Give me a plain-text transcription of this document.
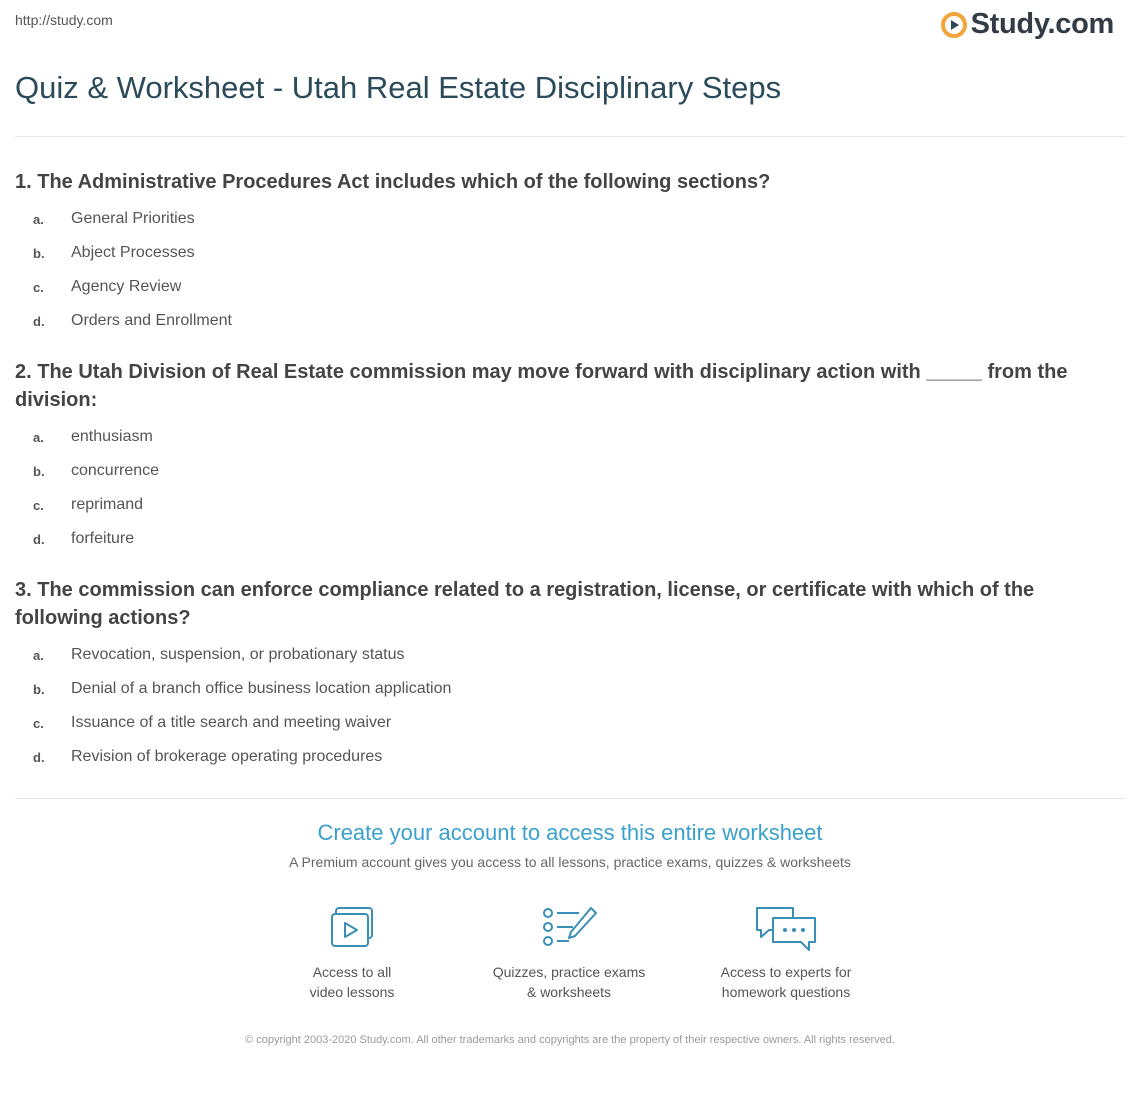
http://study.com	Study.com
Quiz & Worksheet - Utah Real Estate Disciplinary Steps

1. The Administrative Procedures Act includes which of the following sections?

a.	General Priorities
b.	Abject Processes
c.	Agency Review
d.	Orders and Enrollment

2. The Utah Division of Real Estate commission may move forward with disciplinary action with _____ from the division:

a.	enthusiasm
b.	concurrence
c.	reprimand
d.	forfeiture

3. The commission can enforce compliance related to a registration, license, or certificate with which of the following actions?

a.	Revocation, suspension, or probationary status
b.	Denial of a branch office business location application
c.	Issuance of a title search and meeting waiver
d.	Revision of brokerage operating procedures
Create your account to access this entire worksheet
A Premium account gives you access to all lessons, practice exams, quizzes & worksheets
Access to all
video lessons
Quizzes, practice exams
& worksheets
Access to experts for
homework questions
© copyright 2003-2020 Study.com. All other trademarks and copyrights are the property of their respective owners. All rights reserved.
